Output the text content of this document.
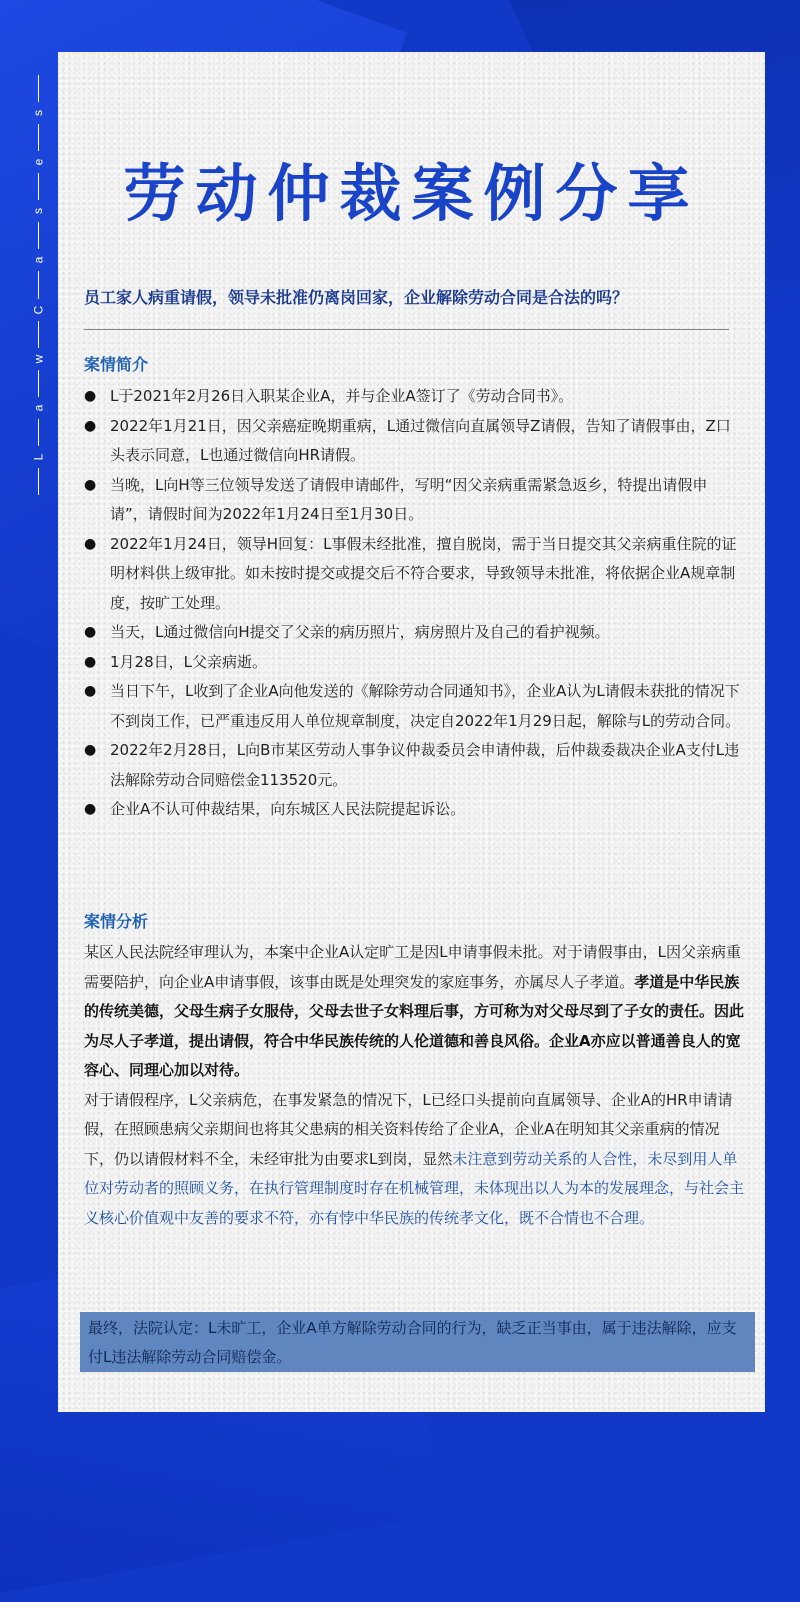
s
e
s
a
C
w
a
L
劳动仲裁案例分享
员工家人病重请假，领导未批准仍离岗回家，企业解除劳动合同是合法的吗？
案情简介
● L于2021年2月26日入职某企业A，并与企业A签订了《劳动合同书》。
● 2022年1月21日，因父亲癌症晚期重病，L通过微信向直属领导Z请假，告知了请假事由，Z口头表示同意，L也通过微信向HR请假。
● 当晚，L向H等三位领导发送了请假申请邮件，写明“因父亲病重需紧急返乡，特提出请假申请”，请假时间为2022年1月24日至1月30日。
● 2022年1月24日，领导H回复：L事假未经批准，擅自脱岗，需于当日提交其父亲病重住院的证明材料供上级审批。如未按时提交或提交后不符合要求，导致领导未批准，将依据企业A规章制度，按旷工处理。
● 当天，L通过微信向H提交了父亲的病历照片，病房照片及自己的看护视频。
● 1月28日，L父亲病逝。
● 当日下午，L收到了企业A向他发送的《解除劳动合同通知书》，企业A认为L请假未获批的情况下不到岗工作，已严重违反用人单位规章制度，决定自2022年1月29日起，解除与L的劳动合同。
● 2022年2月28日，L向B市某区劳动人事争议仲裁委员会申请仲裁，后仲裁委裁决企业A支付L违法解除劳动合同赔偿金113520元。
● 企业A不认可仲裁结果，向东城区人民法院提起诉讼。
案情分析

某区人民法院经审理认为，本案中企业A认定旷工是因L申请事假未批。对于请假事由，L因父亲病重需要陪护，向企业A申请事假，该事由既是处理突发的家庭事务，亦属尽人子孝道。孝道是中华民族的传统美德，父母生病子女服侍，父母去世子女料理后事，方可称为对父母尽到了子女的责任。因此为尽人子孝道，提出请假，符合中华民族传统的人伦道德和善良风俗。企业A亦应以普通善良人的宽容心、同理心加以对待。

对于请假程序，L父亲病危，在事发紧急的情况下，L已经口头提前向直属领导、企业A的HR申请请假，在照顾患病父亲期间也将其父患病的相关资料传给了企业A，企业A在明知其父亲重病的情况下，仍以请假材料不全，未经审批为由要求L到岗，显然未注意到劳动关系的人合性，未尽到用人单位对劳动者的照顾义务，在执行管理制度时存在机械管理，未体现出以人为本的发展理念，与社会主义核心价值观中友善的要求不符，亦有悖中华民族的传统孝文化，既不合情也不合理。

最终，法院认定：L未旷工，企业A单方解除劳动合同的行为，缺乏正当事由，属于违法解除，应支付L违法解除劳动合同赔偿金。
